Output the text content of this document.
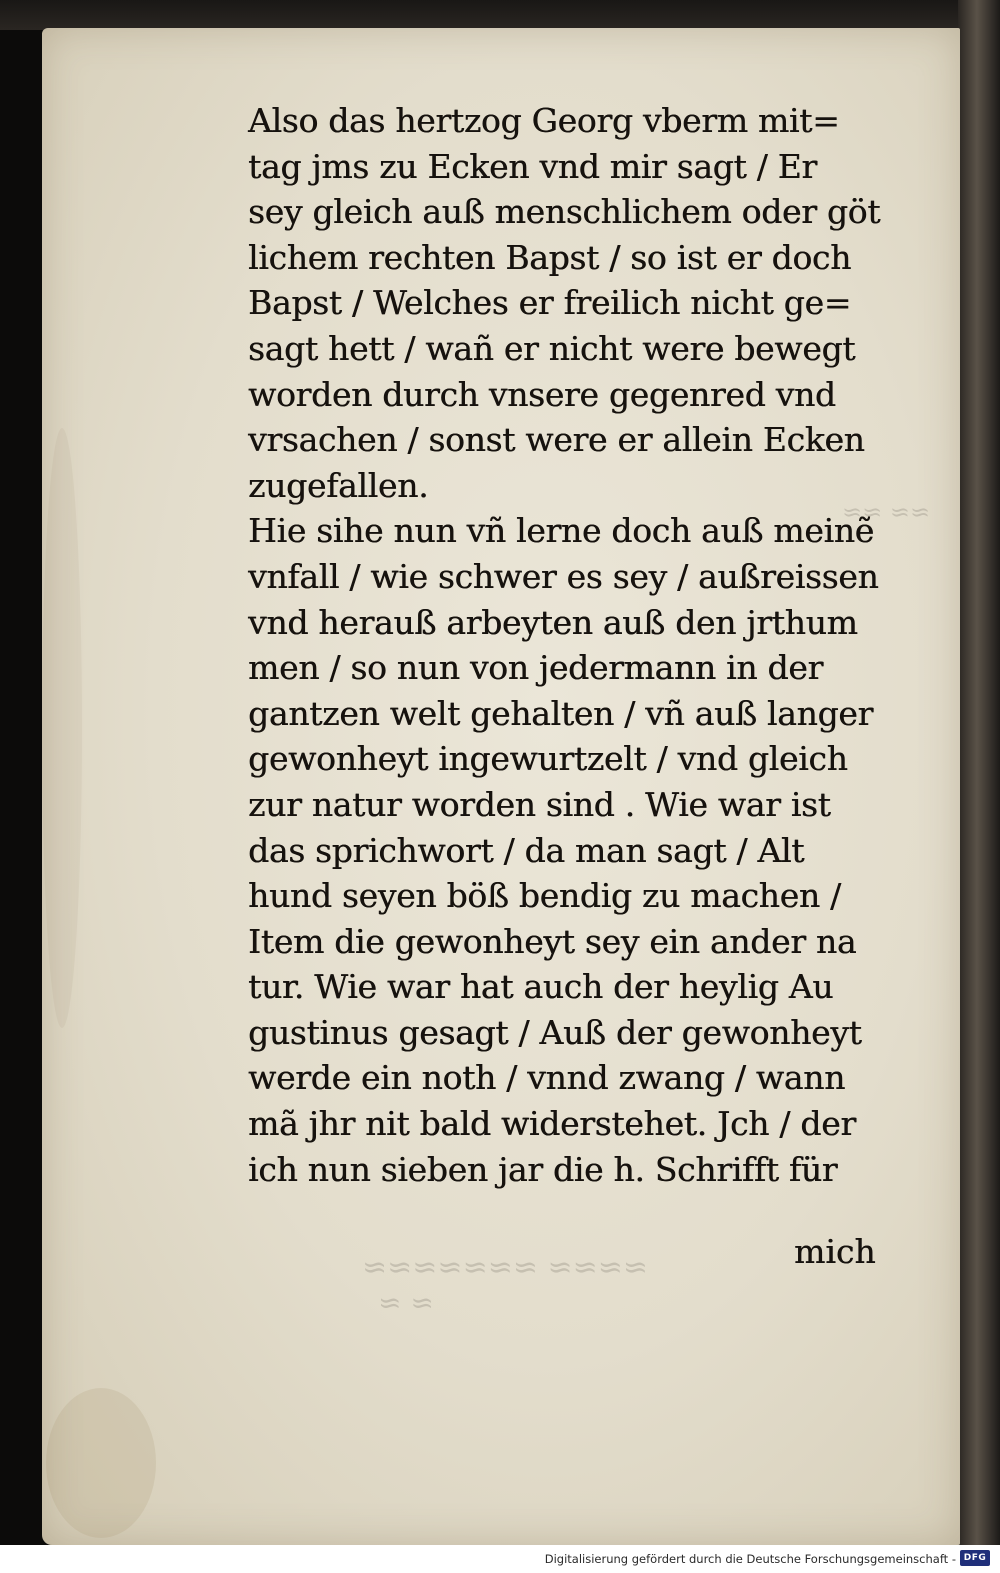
≈≈≈≈ ≈≈≈≈≈≈≈
≈ ≈
≈≈ ≈≈
Also das hertzog Georg vberm mit=
tag jms zu Ecken vnd mir sagt / Er
sey gleich auß menschlichem oder göt
lichem rechten Bapst / so ist er doch
Bapst / Welches er freilich nicht ge=
sagt hett / wañ er nicht were bewegt
worden durch vnsere gegenred vnd
vrsachen / sonst were er allein Ecken
zugefallen.
Hie sihe nun vñ lerne doch auß meinẽ
vnfall / wie schwer es sey / außreissen
vnd herauß arbeyten auß den jrthum
men / so nun von jedermann in der
gantzen welt gehalten / vñ auß langer
gewonheyt ingewurtzelt / vnd gleich
zur natur worden sind . Wie war ist
das sprichwort / da man sagt / Alt
hund seyen böß bendig zu machen /
Item die gewonheyt sey ein ander na
tur. Wie war hat auch der heylig Au
gustinus gesagt / Auß der gewonheyt
werde ein noth / vnnd zwang / wann
mã jhr nit bald widerstehet. Jch / der
ich nun sieben jar die h. Schrifft für
mich
Digitalisierung gefördert durch die Deutsche Forschungsgemeinschaft - DFG
